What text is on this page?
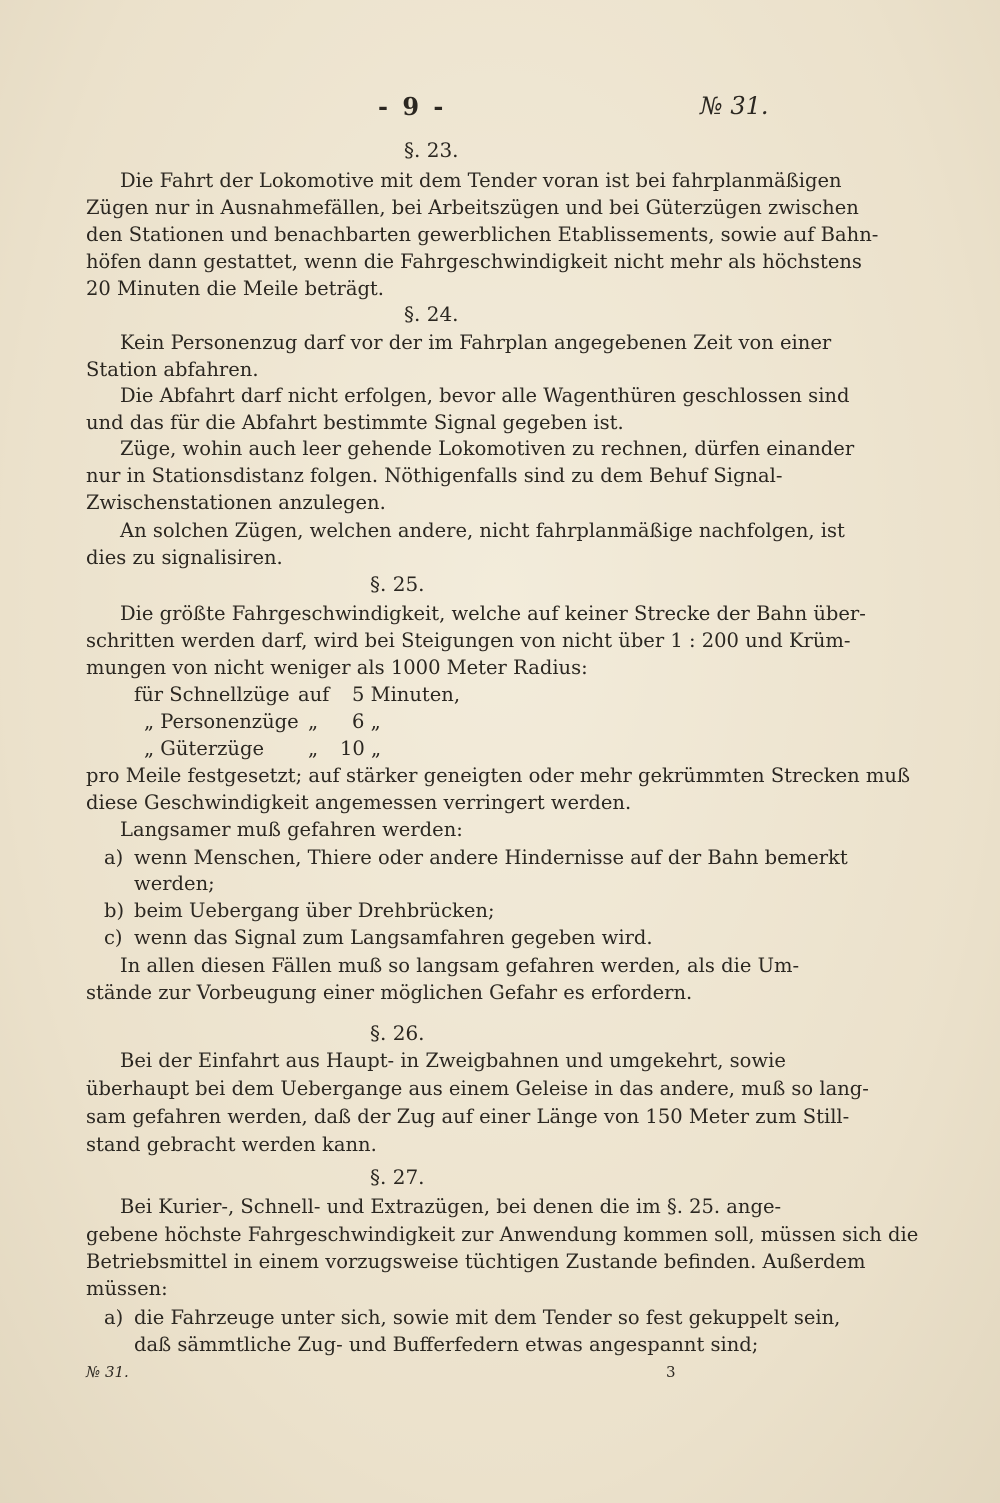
- 9 -	№ 31.
§. 23.
Die Fahrt der Lokomotive mit dem Tender voran ist bei fahrplanmäßigen
Zügen nur in Ausnahmefällen, bei Arbeitszügen und bei Güterzügen zwischen
den Stationen und benachbarten gewerblichen Etablissements, sowie auf Bahn-
höfen dann gestattet, wenn die Fahrgeschwindigkeit nicht mehr als höchstens
20 Minuten die Meile beträgt.
§. 24.
Kein Personenzug darf vor der im Fahrplan angegebenen Zeit von einer
Station abfahren.
Die Abfahrt darf nicht erfolgen, bevor alle Wagenthüren geschlossen sind
und das für die Abfahrt bestimmte Signal gegeben ist.
Züge, wohin auch leer gehende Lokomotiven zu rechnen, dürfen einander
nur in Stationsdistanz folgen. Nöthigenfalls sind zu dem Behuf Signal-
Zwischenstationen anzulegen.
An solchen Zügen, welchen andere, nicht fahrplanmäßige nachfolgen, ist
dies zu signalisiren.
§. 25.
Die größte Fahrgeschwindigkeit, welche auf keiner Strecke der Bahn über-
schritten werden darf, wird bei Steigungen von nicht über 1 : 200 und Krüm-
mungen von nicht weniger als 1000 Meter Radius:
für Schnellzüge auf 5 Minuten,
„ Personenzüge „ 6 „
„ Güterzüge „ 10 „
pro Meile festgesetzt; auf stärker geneigten oder mehr gekrümmten Strecken muß
diese Geschwindigkeit angemessen verringert werden.
Langsamer muß gefahren werden:
a) wenn Menschen, Thiere oder andere Hindernisse auf der Bahn bemerkt
werden;
b) beim Uebergang über Drehbrücken;
c) wenn das Signal zum Langsamfahren gegeben wird.
In allen diesen Fällen muß so langsam gefahren werden, als die Um-
stände zur Vorbeugung einer möglichen Gefahr es erfordern.
§. 26.
Bei der Einfahrt aus Haupt- in Zweigbahnen und umgekehrt, sowie
überhaupt bei dem Uebergange aus einem Geleise in das andere, muß so lang-
sam gefahren werden, daß der Zug auf einer Länge von 150 Meter zum Still-
stand gebracht werden kann.
§. 27.
Bei Kurier-, Schnell- und Extrazügen, bei denen die im §. 25. ange-
gebene höchste Fahrgeschwindigkeit zur Anwendung kommen soll, müssen sich die
Betriebsmittel in einem vorzugsweise tüchtigen Zustande befinden. Außerdem
müssen:
a) die Fahrzeuge unter sich, sowie mit dem Tender so fest gekuppelt sein,
daß sämmtliche Zug- und Bufferfedern etwas angespannt sind;
№ 31.	3
